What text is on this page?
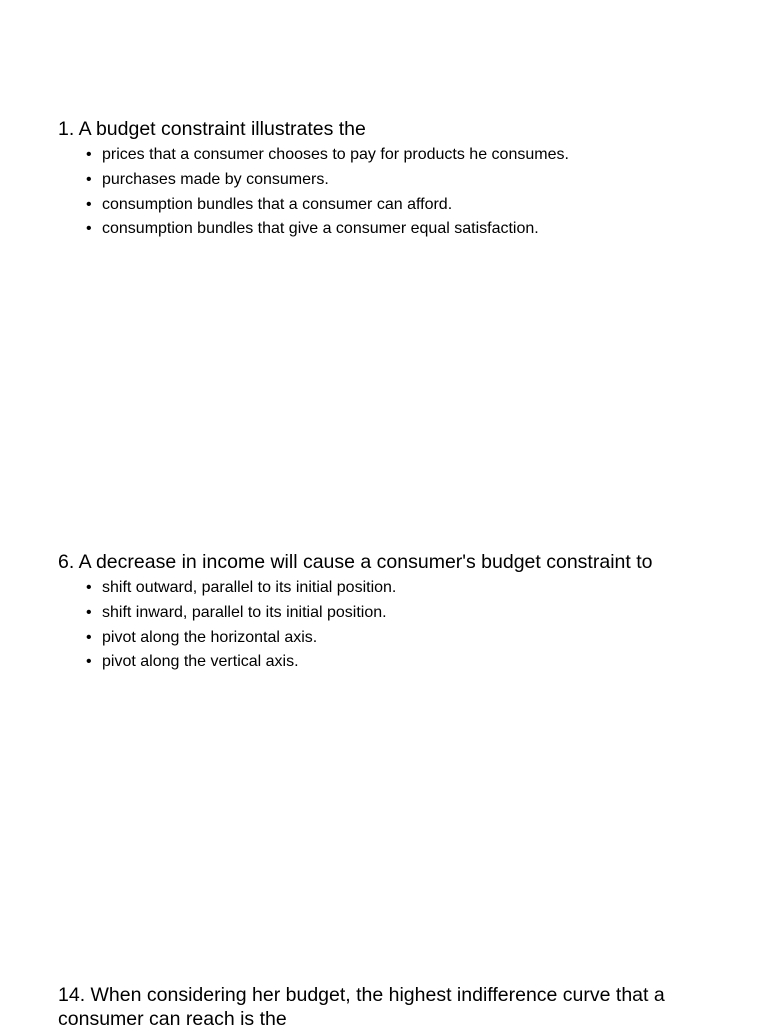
1. A budget constraint illustrates the

• prices that a consumer chooses to pay for products he consumes.
• purchases made by consumers.
• consumption bundles that a consumer can afford.
• consumption bundles that give a consumer equal satisfaction.

6. A decrease in income will cause a consumer's budget constraint to

• shift outward, parallel to its initial position.
• shift inward, parallel to its initial position.
• pivot along the horizontal axis.
• pivot along the vertical axis.

14. When considering her budget, the highest indifference curve that a consumer can reach is the
